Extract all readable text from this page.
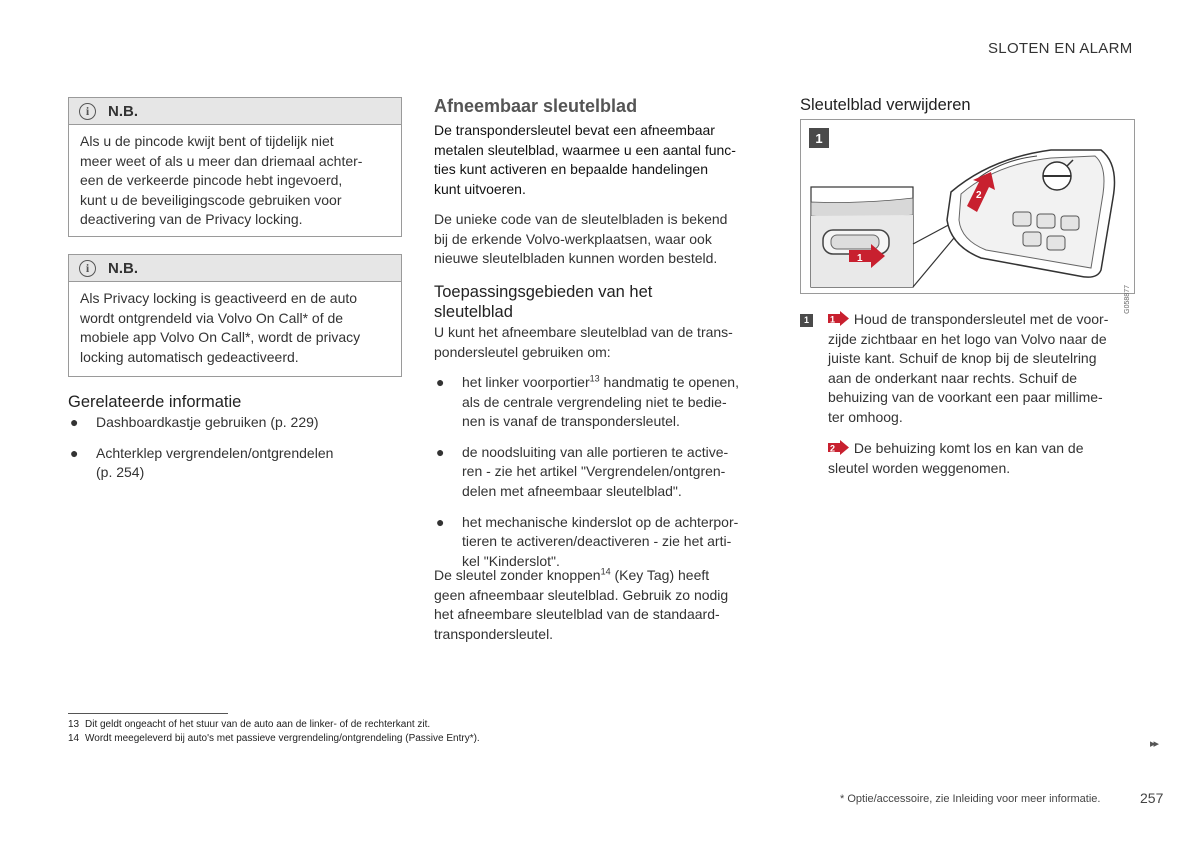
SLOTEN EN ALARM
i	N.B.
Als u de pincode kwijt bent of tijdelijk niet
meer weet of als u meer dan driemaal achter-
een de verkeerde pincode hebt ingevoerd,
kunt u de beveiligingscode gebruiken voor
deactivering van de Privacy locking.
i	N.B.
Als Privacy locking is geactiveerd en de auto
wordt ontgrendeld via Volvo On Call* of de
mobiele app Volvo On Call*, wordt de privacy
locking automatisch gedeactiveerd.
Gerelateerde informatie
● Dashboardkastje gebruiken (p. 229)
● Achterklep vergrendelen/ontgrendelen
(p. 254)
Afneembaar sleutelblad
De transpondersleutel bevat een afneembaar
metalen sleutelblad, waarmee u een aantal func-
ties kunt activeren en bepaalde handelingen
kunt uitvoeren.
De unieke code van de sleutelbladen is bekend
bij de erkende Volvo-werkplaatsen, waar ook
nieuwe sleutelbladen kunnen worden besteld.
Toepassingsgebieden van het
sleutelblad
U kunt het afneembare sleutelblad van de trans-
pondersleutel gebruiken om:
● het linker voorportier$^{13}$ handmatig te openen,
als de centrale vergrendeling niet te bedie-
nen is vanaf de transpondersleutel.
● de noodsluiting van alle portieren te active-
ren - zie het artikel "Vergrendelen/ontgren-
delen met afneembaar sleutelblad".
● het mechanische kinderslot op de achterpor-
tieren te activeren/deactiveren - zie het arti-
kel "Kinderslot".
De sleutel zonder knoppen$^{14}$ (Key Tag) heeft
geen afneembaar sleutelblad. Gebruik zo nodig
het afneembare sleutelblad van de standaard-
transpondersleutel.
Sleutelblad verwijderen
1
1
2
G058877
1	1 Houd de transpondersleutel met de voor-
zijde zichtbaar en het logo van Volvo naar de
juiste kant. Schuif de knop bij de sleutelring
aan de onderkant naar rechts. Schuif de
behuizing van de voorkant een paar millime-
ter omhoog.
2 De behuizing komt los en kan van de
sleutel worden weggenomen.
13 Dit geldt ongeacht of het stuur van de auto aan de linker- of de rechterkant zit.
14 Wordt meegeleverd bij auto's met passieve vergrendeling/ontgrendeling (Passive Entry*).	▸▸
* Optie/accessoire, zie Inleiding voor meer informatie.	257
